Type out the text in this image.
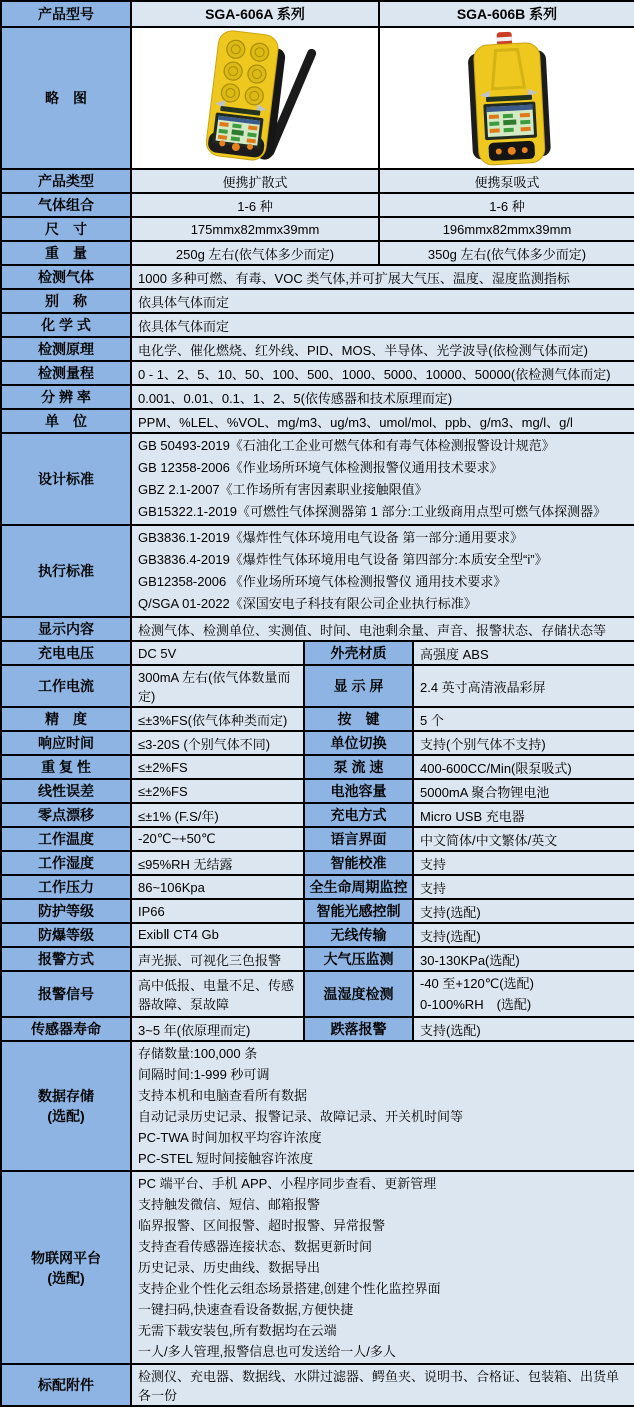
产品型号	SGA-606A 系列		SGA-606B 系列	
略　图	

产品类型	便携扩散式		便携泵吸式	
气体组合	1-6 种		1-6 种	
尺　寸	175mmx82mmx39mm		196mmx82mmx39mm	
重　量	250g 左右(依气体多少而定)		350g 左右(依气体多少而定)	
检测气体	1000 多种可燃、有毒、VOC 类气体,并可扩展大气压、温度、湿度监测指标			
别　称	依具体气体而定			
化 学 式	依具体气体而定			
检测原理	电化学、催化燃烧、红外线、PID、MOS、半导体、光学波导(依检测气体而定)			
检测量程	0 - 1、2、5、10、50、100、500、1000、5000、10000、50000(依检测气体而定)			
分 辨 率	0.001、0.01、0.1、1、2、5(依传感器和技术原理而定)			
单　位	PPM、%LEL、%VOL、mg/m3、ug/m3、umol/mol、ppb、g/m3、mg/l、g/l			
设计标准	GB 50493-2019《石油化工企业可燃气体和有毒气体检测报警设计规范》
GB 12358-2006《作业场所环境气体检测报警仪通用技术要求》
GBZ 2.1-2007《工作场所有害因素职业接触限值》
GB15322.1-2019《可燃性气体探测器第 1 部分:工业级商用点型可燃气体探测器》			

执行标准	GB3836.1-2019《爆炸性气体环境用电气设备 第一部分:通用要求》
GB3836.4-2019《爆炸性气体环境用电气设备 第四部分:本质安全型“i”》
GB12358-2006 《作业场所环境气体检测报警仪 通用技术要求》
Q/SGA 01-2022《深国安电子科技有限公司企业执行标准》			

显示内容	检测气体、检测单位、实测值、时间、电池剩余量、声音、报警状态、存储状态等			
充电电压	DC 5V	外壳材质		高强度 ABS
工作电流	300mA 左右(依气体数量而定)	显 示 屏		2.4 英寸高清液晶彩屏
精　度	≤±3%FS(依气体种类而定)	按　键		5 个
响应时间	≤3-20S (个别气体不同)	单位切换		支持(个别气体不支持)
重 复 性	≤±2%FS	泵 流 速		400-600CC/Min(限泵吸式)
线性误差	≤±2%FS	电池容量		5000mA 聚合物锂电池
零点漂移	≤±1% (F.S/年)	充电方式		Micro USB 充电器
工作温度	-20℃~+50℃	语言界面		中文简体/中文繁体/英文
工作湿度	≤95%RH 无结露	智能校准		支持
工作压力	86~106Kpa	全生命周期监控		支持
防护等级	IP66	智能光感控制		支持(选配)
防爆等级	ExibⅡ CT4 Gb	无线传输		支持(选配)
报警方式	声光振、可视化三色报警	大气压监测		30-130KPa(选配)
报警信号	高中低报、电量不足、传感器故障、泵故障	温湿度检测		-40 至+120℃(选配)
0-100%RH　(选配)

传感器寿命	3~5 年(依原理而定)	跌落报警		支持(选配)

数据存储
(选配)

存储数量:100,000 条
间隔时间:1-999 秒可调
支持本机和电脑查看所有数据
自动记录历史记录、报警记录、故障记录、开关机时间等
PC-TWA 时间加权平均容许浓度
PC-STEL 短时间接触容许浓度

物联网平台
(选配)

PC 端平台、手机 APP、小程序同步查看、更新管理
支持触发微信、短信、邮箱报警
临界报警、区间报警、超时报警、异常报警
支持查看传感器连接状态、数据更新时间
历史记录、历史曲线、数据导出
支持企业个性化云组态场景搭建,创建个性化监控界面
一键扫码,快速查看设备数据,方便快捷
无需下载安装包,所有数据均在云端
一人/多人管理,报警信息也可发送给一人/多人

标配附件	检测仪、充电器、数据线、水阱过滤器、鳄鱼夹、说明书、合格证、包装箱、出货单各一份			
